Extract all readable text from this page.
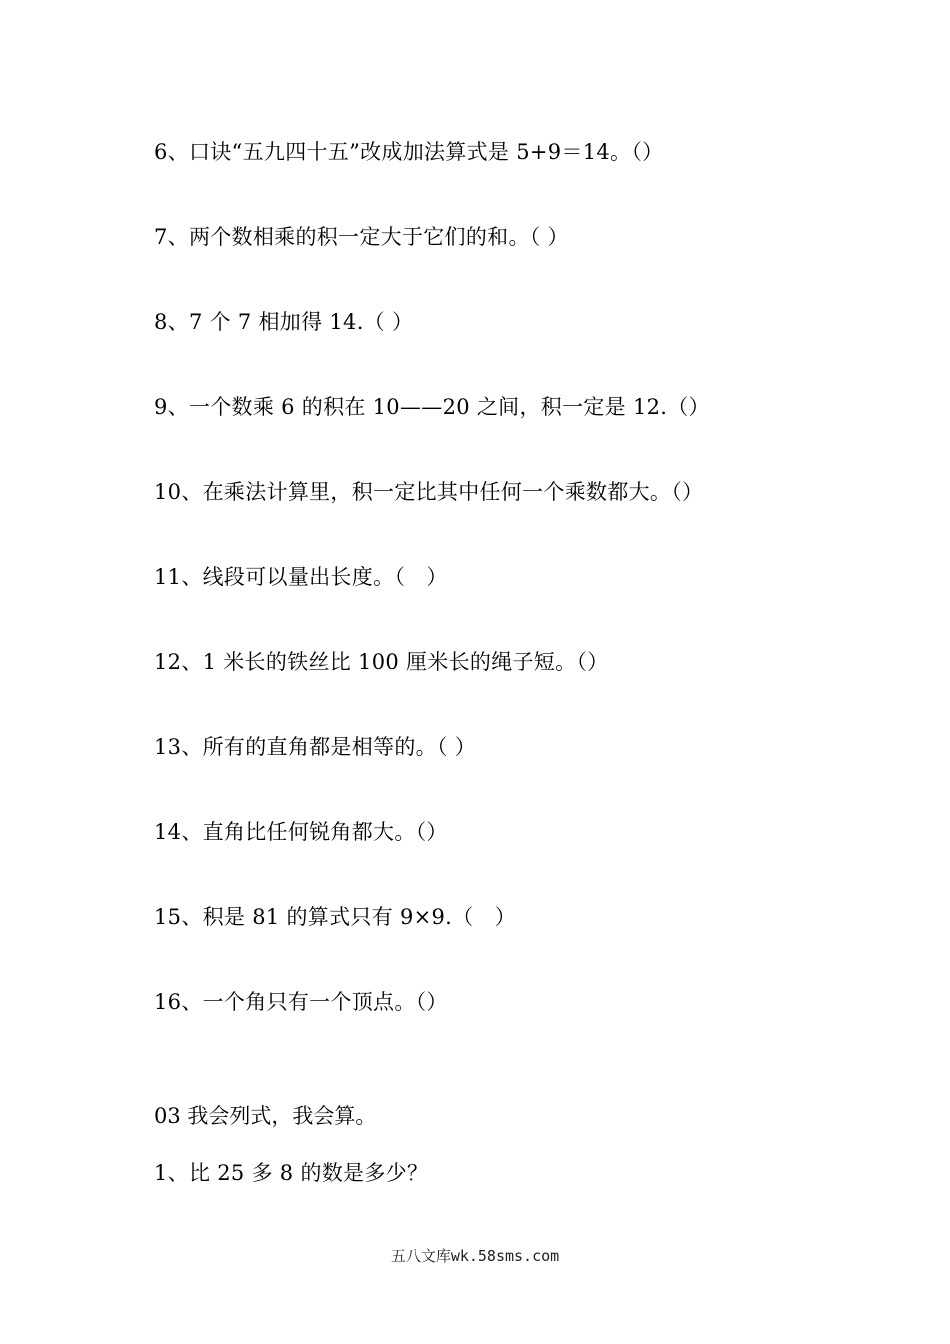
6、口诀“五九四十五”改成加法算式是 5+9＝14。（）
7、两个数相乘的积一定大于它们的和。（ ）
8、7 个 7 相加得 14.（ ）
9、一个数乘 6 的积在 10——20 之间，积一定是 12.（）
10、在乘法计算里，积一定比其中任何一个乘数都大。（）
11、线段可以量出长度。（　）
12、1 米长的铁丝比 100 厘米长的绳子短。（）
13、所有的直角都是相等的。（ ）
14、直角比任何锐角都大。（）
15、积是 81 的算式只有 9×9.（　）
16、一个角只有一个顶点。（）
03 我会列式，我会算。
1、比 25 多 8 的数是多少？
五八文库wk.58sms.com
